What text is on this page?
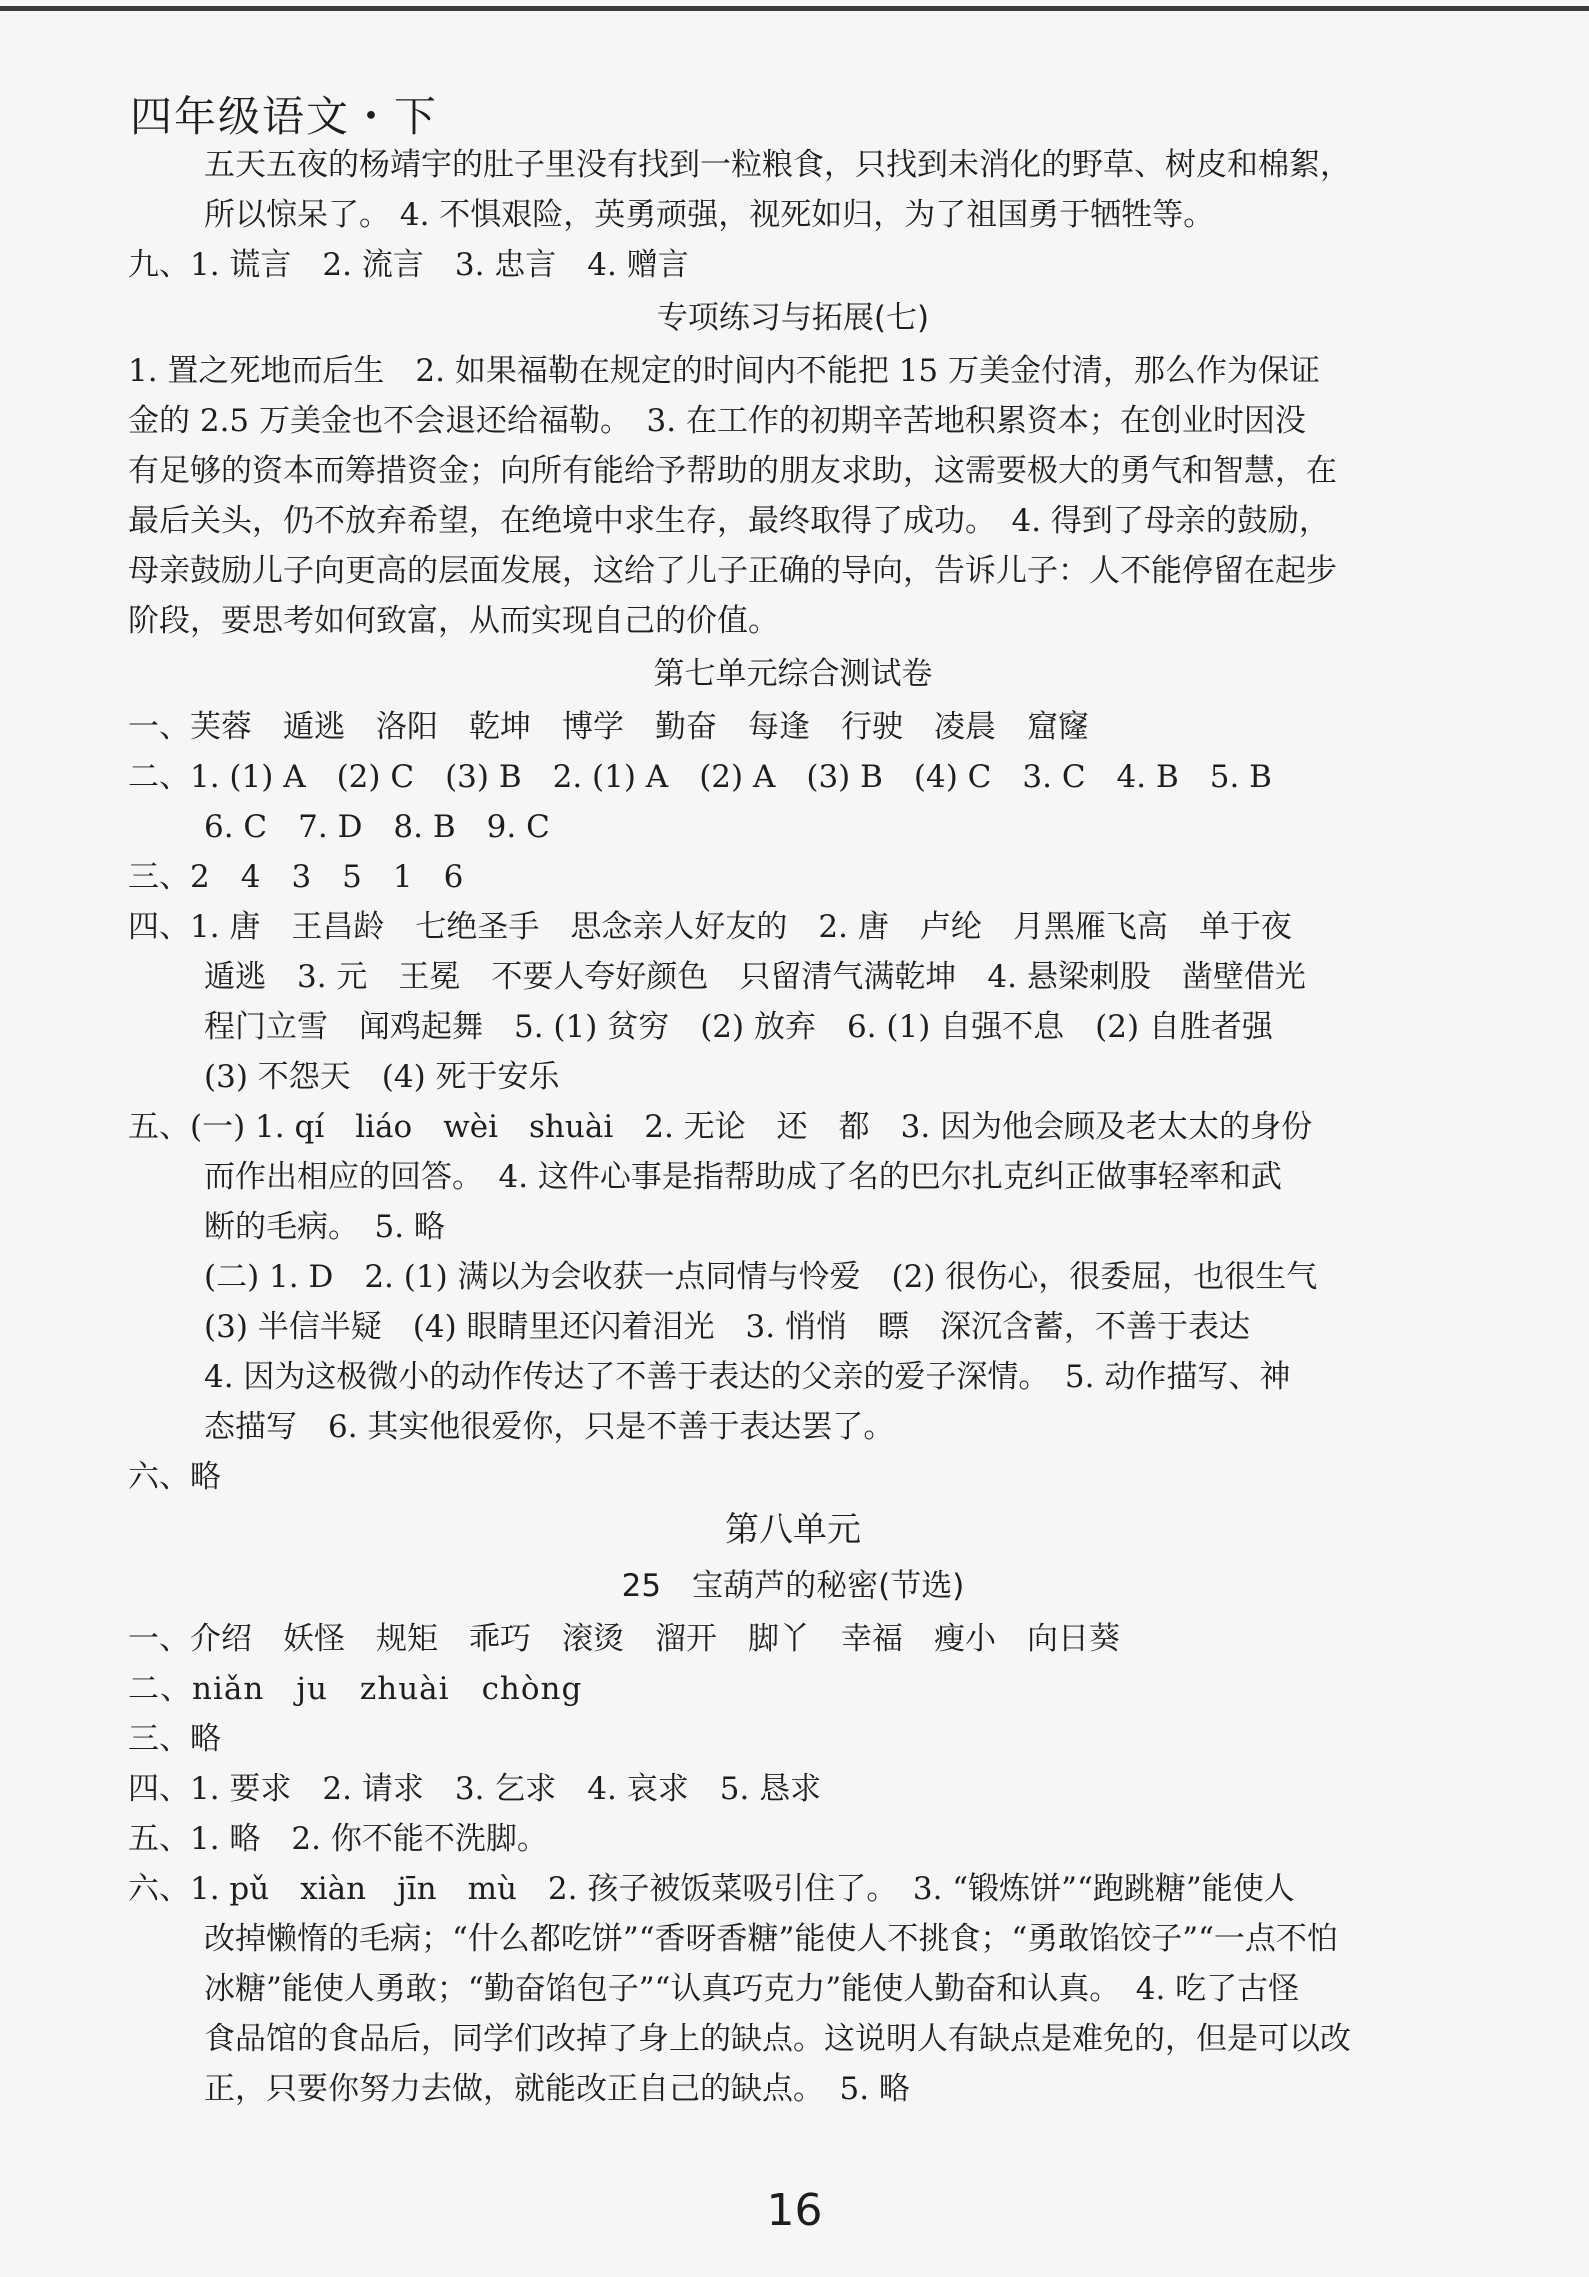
四年级语文・下
五天五夜的杨靖宇的肚子里没有找到一粒粮食，只找到未消化的野草、树皮和棉絮，
所以惊呆了。 4. 不惧艰险，英勇顽强，视死如归，为了祖国勇于牺牲等。
九、1. 谎言　2. 流言　3. 忠言　4. 赠言
专项练习与拓展(七)
1. 置之死地而后生　2. 如果福勒在规定的时间内不能把 15 万美金付清，那么作为保证
金的 2.5 万美金也不会退还给福勒。　3. 在工作的初期辛苦地积累资本；在创业时因没
有足够的资本而筹措资金；向所有能给予帮助的朋友求助，这需要极大的勇气和智慧，在
最后关头，仍不放弃希望，在绝境中求生存，最终取得了成功。　4. 得到了母亲的鼓励，
母亲鼓励儿子向更高的层面发展，这给了儿子正确的导向，告诉儿子：人不能停留在起步
阶段，要思考如何致富，从而实现自己的价值。
第七单元综合测试卷
一、芙蓉　遁逃　洛阳　乾坤　博学　勤奋　每逢　行驶　凌晨　窟窿
二、1. (1) A　(2) C　(3) B　2. (1) A　(2) A　(3) B　(4) C　3. C　4. B　5. B
6. C　7. D　8. B　9. C
三、2　4　3　5　1　6
四、1. 唐　王昌龄　七绝圣手　思念亲人好友的　2. 唐　卢纶　月黑雁飞高　单于夜
遁逃　3. 元　王冕　不要人夸好颜色　只留清气满乾坤　4. 悬梁刺股　凿壁借光
程门立雪　闻鸡起舞　5. (1) 贫穷　(2) 放弃　6. (1) 自强不息　(2) 自胜者强
(3) 不怨天　(4) 死于安乐
五、(一) 1. qí　liáo　wèi　shuài　2. 无论　还　都　3. 因为他会顾及老太太的身份
而作出相应的回答。　4. 这件心事是指帮助成了名的巴尔扎克纠正做事轻率和武
断的毛病。　5. 略
(二) 1. D　2. (1) 满以为会收获一点同情与怜爱　(2) 很伤心，很委屈，也很生气
(3) 半信半疑　(4) 眼睛里还闪着泪光　3. 悄悄　瞟　深沉含蓄，不善于表达
4. 因为这极微小的动作传达了不善于表达的父亲的爱子深情。　5. 动作描写、神
态描写　6. 其实他很爱你，只是不善于表达罢了。
六、略
第八单元
25　宝葫芦的秘密(节选)
一、介绍　妖怪　规矩　乖巧　滚烫　溜开　脚丫　幸福　瘦小　向日葵
二、niǎn　ju　zhuài　chòng
三、略
四、1. 要求　2. 请求　3. 乞求　4. 哀求　5. 恳求
五、1. 略　2. 你不能不洗脚。
六、1. pǔ　xiàn　jīn　mù　2. 孩子被饭菜吸引住了。　3. “锻炼饼”“跑跳糖”能使人
改掉懒惰的毛病；“什么都吃饼”“香呀香糖”能使人不挑食；“勇敢馅饺子”“一点不怕
冰糖”能使人勇敢；“勤奋馅包子”“认真巧克力”能使人勤奋和认真。　4. 吃了古怪
食品馆的食品后，同学们改掉了身上的缺点。这说明人有缺点是难免的，但是可以改
正，只要你努力去做，就能改正自己的缺点。　5. 略
16
